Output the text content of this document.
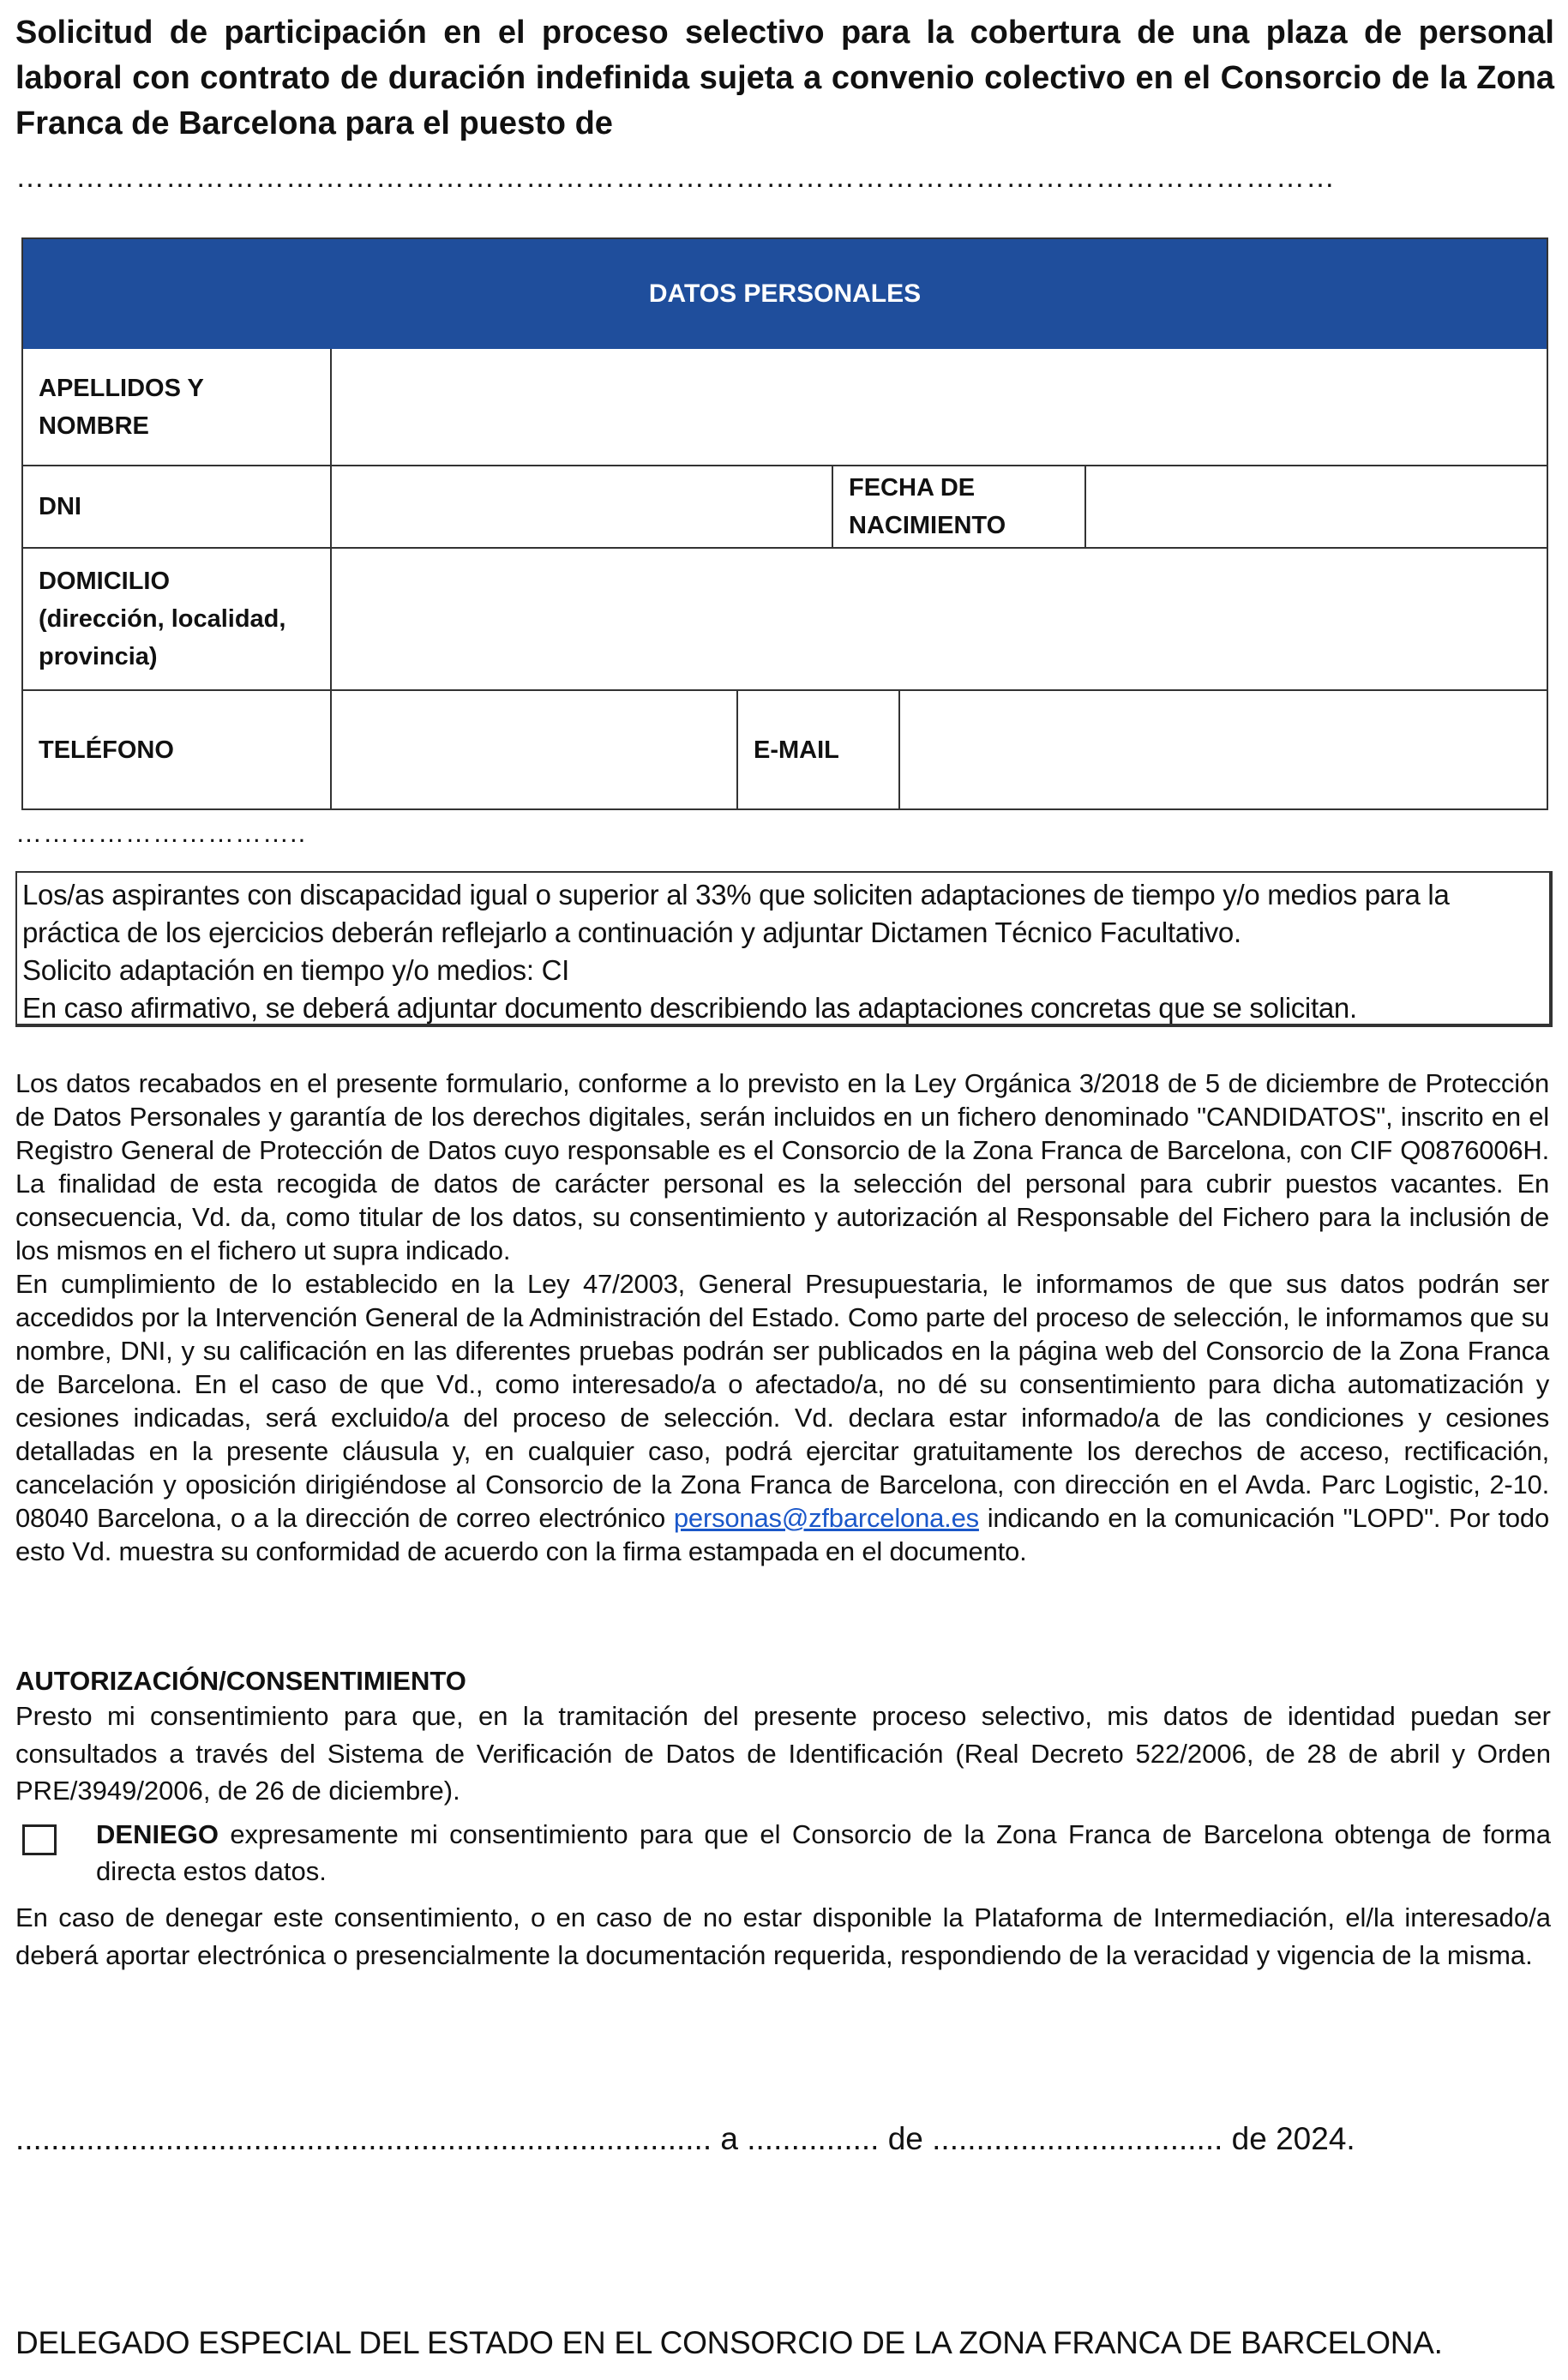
Solicitud de participación en el proceso selectivo para la cobertura de una plaza de personal laboral con contrato de duración indefinida sujeta a convenio colectivo en el Consorcio de la Zona Franca de Barcelona para el puesto de
……………………………………………………………………………………………………………………
DATOS PERSONALES
APELLIDOS Y NOMBRE
DNI
FECHA DE NACIMIENTO
DOMICILIO
(dirección, localidad, provincia)
TELÉFONO	E-MAIL
…………………………..
Los/as aspirantes con discapacidad igual o superior al 33% que soliciten adaptaciones de tiempo y/o medios para la práctica de los ejercicios deberán reflejarlo a continuación y adjuntar Dictamen Técnico Facultativo.
Solicito adaptación en tiempo y/o medios: CI
En caso afirmativo, se deberá adjuntar documento describiendo las adaptaciones concretas que se solicitan.

Los datos recabados en el presente formulario, conforme a lo previsto en la Ley Orgánica 3/2018 de 5 de diciembre de Protección de Datos Personales y garantía de los derechos digitales, serán incluidos en un fichero denominado "CANDIDATOS", inscrito en el Registro General de Protección de Datos cuyo responsable es el Consorcio de la Zona Franca de Barcelona, con CIF Q0876006H. La finalidad de esta recogida de datos de carácter personal es la selección del personal para cubrir puestos vacantes. En consecuencia, Vd. da, como titular de los datos, su consentimiento y autorización al Responsable del Fichero para la inclusión de los mismos en el fichero ut supra indicado.

En cumplimiento de lo establecido en la Ley 47/2003, General Presupuestaria, le informamos de que sus datos podrán ser accedidos por la Intervención General de la Administración del Estado. Como parte del proceso de selección, le informamos que su nombre, DNI, y su calificación en las diferentes pruebas podrán ser publicados en la página web del Consorcio de la Zona Franca de Barcelona. En el caso de que Vd., como interesado/a o afectado/a, no dé su consentimiento para dicha automatización y cesiones indicadas, será excluido/a del proceso de selección. Vd. declara estar informado/a de las condiciones y cesiones detalladas en la presente cláusula y, en cualquier caso, podrá ejercitar gratuitamente los derechos de acceso, rectificación, cancelación y oposición dirigiéndose al Consorcio de la Zona Franca de Barcelona, con dirección en el Avda. Parc Logistic, 2-10. 08040 Barcelona, o a la dirección de correo electrónico personas@zfbarcelona.es indicando en la comunicación "LOPD". Por todo esto Vd. muestra su conformidad de acuerdo con la firma estampada en el documento.

AUTORIZACIÓN/CONSENTIMIENTO
Presto mi consentimiento para que, en la tramitación del presente proceso selectivo, mis datos de identidad puedan ser consultados a través del Sistema de Verificación de Datos de Identificación (Real Decreto 522/2006, de 28 de abril y Orden PRE/3949/2006, de 26 de diciembre).
DENIEGO expresamente mi consentimiento para que el Consorcio de la Zona Franca de Barcelona obtenga de forma directa estos datos.
En caso de denegar este consentimiento, o en caso de no estar disponible la Plataforma de Intermediación, el/la interesado/a deberá aportar electrónica o presencialmente la documentación requerida, respondiendo de la veracidad y vigencia de la misma.
............................................................................... a ............... de ................................. de 2024.
DELEGADO ESPECIAL DEL ESTADO EN EL CONSORCIO DE LA ZONA FRANCA DE BARCELONA.
